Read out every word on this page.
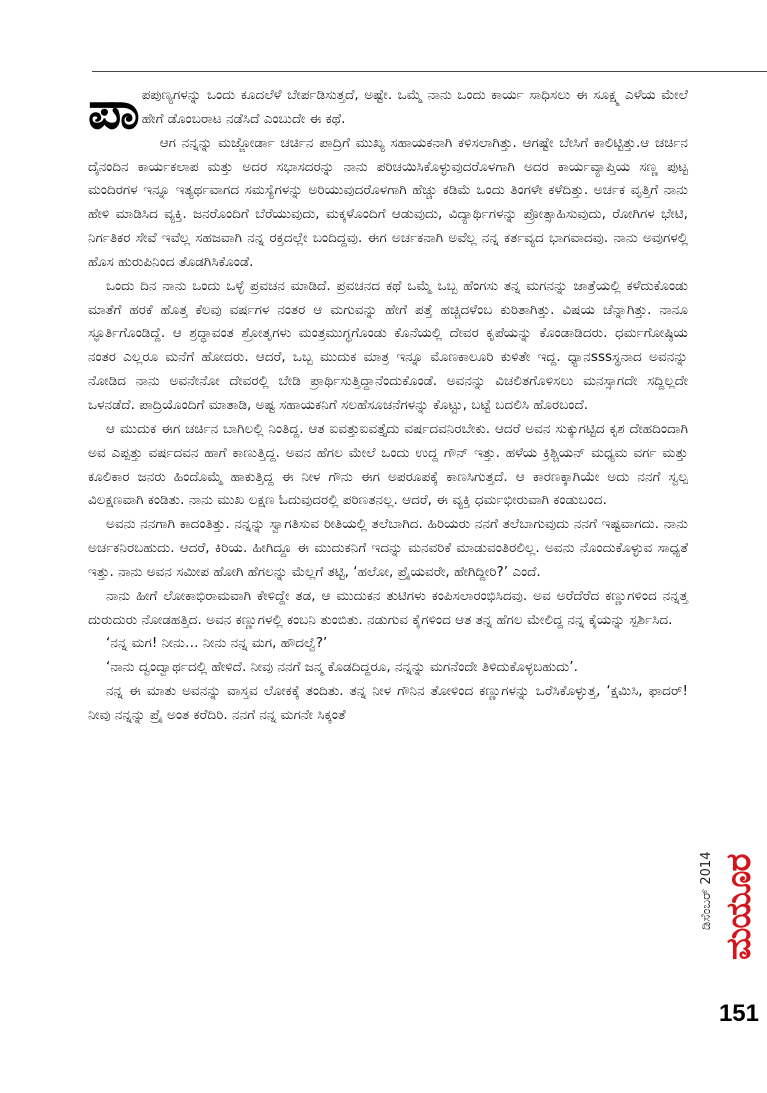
ಪಾಪಪುಣ್ಯಗಳನ್ನು ಒಂದು ಕೂದಲೆಳೆ ಬೇರ್ಪಡಿಸುತ್ತದೆ, ಅಷ್ಟೇ. ಒಮ್ಮೆ ನಾನು ಒಂದು ಕಾರ್ಯ ಸಾಧಿಸಲು ಈ ಸೂಕ್ಷ್ಮ ಎಳೆಯ ಮೇಲೆ ಹೇಗೆ ಡೊಂಬರಾಟ ನಡೆಸಿದೆ ಎಂಬುದೇ ಈ ಕಥೆ.

ಆಗ ನನ್ನನ್ನು ಮಜ್ಜೋರ್ಡಾ ಚರ್ಚಿನ ಪಾದ್ರಿಗೆ ಮುಖ್ಯ ಸಹಾಯಕನಾಗಿ ಕಳಿಸಲಾಗಿತ್ತು. ಆಗಷ್ಟೇ ಬೇಸಿಗೆ ಕಾಲಿಟ್ಟಿತ್ತು.ಆ ಚರ್ಚಿನ ದೈನಂದಿನ ಕಾರ್ಯಕಲಾಪ ಮತ್ತು ಅದರ ಸಭಾಸದರನ್ನು ನಾನು ಪರಿಚಯಿಸಿಕೊಳ್ಳುವುದರೊಳಗಾಗಿ ಅದರ ಕಾರ್ಯವ್ಯಾಪ್ತಿಯ ಸಣ್ಣ ಪುಟ್ಟ ಮಂದಿರಗಳ ಇನ್ನೂ ಇತ್ಯರ್ಥವಾಗದ ಸಮಸ್ಯೆಗಳನ್ನು ಅರಿಯುವುದರೊಳಗಾಗಿ ಹೆಚ್ಚು ಕಡಿಮೆ ಒಂದು ತಿಂಗಳೇ ಕಳೆದಿತ್ತು. ಅರ್ಚಕ ವೃತ್ತಿಗೆ ನಾನು ಹೇಳಿ ಮಾಡಿಸಿದ ವ್ಯಕ್ತಿ. ಜನರೊಂದಿಗೆ ಬೆರೆಯುವುದು, ಮಕ್ಕಳೊಂದಿಗೆ ಆಡುವುದು, ವಿದ್ಯಾರ್ಥಿಗಳನ್ನು ಪ್ರೋತ್ಸಾಹಿಸುವುದು, ರೋಗಿಗಳ ಭೇಟಿ, ನಿರ್ಗತಿಕರ ಸೇವೆ ಇವೆಲ್ಲ ಸಹಜವಾಗಿ ನನ್ನ ರಕ್ತದಲ್ಲೇ ಬಂದಿದ್ದವು. ಈಗ ಅರ್ಚಕನಾಗಿ ಅವೆಲ್ಲ ನನ್ನ ಕರ್ತವ್ಯದ ಭಾಗವಾದವು. ನಾನು ಅವುಗಳಲ್ಲಿ ಹೊಸ ಹುರುಪಿನಿಂದ ತೊಡಗಿಸಿಕೊಂಡೆ.

ಒಂದು ದಿನ ನಾನು ಒಂದು ಒಳ್ಳೆ ಪ್ರವಚನ ಮಾಡಿದೆ. ಪ್ರವಚನದ ಕಥೆ ಒಮ್ಮೆ ಒಬ್ಬ ಹೆಂಗಸು ತನ್ನ ಮಗನನ್ನು ಜಾತ್ರೆಯಲ್ಲಿ ಕಳೆದುಕೊಂಡು ಮಾತೆಗೆ ಹರಕೆ ಹೊತ್ತ ಕೆಲವು ವರ್ಷಗಳ ನಂತರ ಆ ಮಗುವನ್ನು ಹೇಗೆ ಪತ್ತೆ ಹಚ್ಚಿದಳೆಂಬ ಕುರಿತಾಗಿತ್ತು. ವಿಷಯ ಚೆನ್ನಾಗಿತ್ತು. ನಾನೂ ಸ್ಫೂರ್ತಿಗೊಂಡಿದ್ದೆ. ಆ ಶ್ರದ್ಧಾವಂತ ಶ್ರೋತೃಗಳು ಮಂತ್ರಮುಗ್ಧಗೊಂಡು ಕೊನೆಯಲ್ಲಿ ದೇವರ ಕೃಪೆಯನ್ನು ಕೊಂಡಾಡಿದರು. ಧರ್ಮಗೋಷ್ಠಿಯ ನಂತರ ಎಲ್ಲರೂ ಮನೆಗೆ ಹೋದರು. ಆದರೆ, ಒಬ್ಬ ಮುದುಕ ಮಾತ್ರ ಇನ್ನೂ ಮೊಣಕಾಲೂರಿ ಕುಳಿತೇ ಇದ್ದ. ಧ್ಯಾನsssಸ್ಥನಾದ ಅವನನ್ನು ನೋಡಿದ ನಾನು ಅವನೇನೋ ದೇವರಲ್ಲಿ ಬೇಡಿ ಪ್ರಾರ್ಥಿಸುತ್ತಿದ್ದಾನೆಂದುಕೊಂಡೆ. ಅವನನ್ನು ವಿಚಲಿತಗೊಳಿಸಲು ಮನಸ್ಸಾಗದೇ ಸದ್ದಿಲ್ಲದೇ ಒಳನಡೆದೆ. ಪಾದ್ರಿಯೊಂದಿಗೆ ಮಾತಾಡಿ, ಅಷ್ಟ ಸಹಾಯಕನಿಗೆ ಸಲಹೆಸೂಚನೆಗಳನ್ನು ಕೊಟ್ಟು, ಬಟ್ಟೆ ಬದಲಿಸಿ ಹೊರಬಂದೆ.

ಆ ಮುದುಕ ಈಗ ಚರ್ಚಿನ ಬಾಗಿಲಲ್ಲಿ ನಿಂತಿದ್ದ. ಆತ ಐವತ್ತುಐವತ್ತೈದು ವರ್ಷದವನಿರಬೇಕು. ಆದರೆ ಅವನ ಸುಕ್ಕುಗಟ್ಟಿದ ಕೃಶ ದೇಹದಿಂದಾಗಿ ಅವ ಎಪ್ಪತ್ತು ವರ್ಷದವನ ಹಾಗೆ ಕಾಣುತ್ತಿದ್ದ. ಅವನ ಹೆಗಲ ಮೇಲೆ ಒಂದು ಉದ್ದ ಗೌನ್ ಇತ್ತು. ಹಳೆಯ ಕ್ರಿಶ್ಚಿಯನ್ ಮಧ್ಯಮ ವರ್ಗ ಮತ್ತು ಕೂಲಿಕಾರ ಜನರು ಹಿಂದೊಮ್ಮೆ ಹಾಕುತ್ತಿದ್ದ ಈ ನೀಳ ಗೌನು ಈಗ ಅಪರೂಪಕ್ಕೆ ಕಾಣಸಿಗುತ್ತದೆ. ಆ ಕಾರಣಕ್ಕಾಗಿಯೇ ಅದು ನನಗೆ ಸ್ವಲ್ಪ ವಿಲಕ್ಷಣವಾಗಿ ಕಂಡಿತು. ನಾನು ಮುಖ ಲಕ್ಷಣ ಓದುವುದರಲ್ಲಿ ಪರಿಣತನಲ್ಲ. ಆದರೆ, ಈ ವ್ಯಕ್ತಿ ಧರ್ಮಭೀರುವಾಗಿ ಕಂಡುಬಂದ.

ಅವನು ನನಗಾಗಿ ಕಾದಂತಿತ್ತು. ನನ್ನನ್ನು ಸ್ವಾಗತಿಸುವ ರೀತಿಯಲ್ಲಿ ತಲೆಬಾಗಿದ. ಹಿರಿಯರು ನನಗೆ ತಲೆಬಾಗುವುದು ನನಗೆ ಇಷ್ಟವಾಗದು. ನಾನು ಅರ್ಚಕನಿರಬಹುದು. ಆದರೆ, ಕಿರಿಯ. ಹೀಗಿದ್ದೂ ಈ ಮುದುಕನಿಗೆ ಇದನ್ನು ಮನವರಿಕೆ ಮಾಡುವಂತಿರಲಿಲ್ಲ. ಅವನು ನೊಂದುಕೊಳ್ಳುವ ಸಾಧ್ಯತೆ ಇತ್ತು. ನಾನು ಅವನ ಸಮೀಪ ಹೋಗಿ ಹೆಗಲನ್ನು ಮೆಲ್ಲಗೆ ತಟ್ಟಿ, ‘ಹಲೋ, ಪ್ರೈಯವರೇ, ಹೇಗಿದ್ದೀರಿ?’ ಎಂದೆ.

ನಾನು ಹೀಗೆ ಲೋಕಾಭಿರಾಮವಾಗಿ ಕೇಳಿದ್ದೇ ತಡ, ಆ ಮುದುಕನ ತುಟಿಗಳು ಕಂಪಿಸಲಾರಂಭಿಸಿದವು. ಅವ ಅರೆದೆರೆದ ಕಣ್ಣುಗಳಿಂದ ನನ್ನತ್ತ ದುರುದುರು ನೋಡಹತ್ತಿದ. ಅವನ ಕಣ್ಣುಗಳಲ್ಲಿ ಕಂಬನಿ ತುಂಬಿತು. ನಡುಗುವ ಕೈಗಳಿಂದ ಆತ ತನ್ನ ಹೆಗಲ ಮೇಲಿದ್ದ ನನ್ನ ಕೈಯನ್ನು ಸ್ಪರ್ಶಿಸಿದ.

‘ನನ್ನ ಮಗ! ನೀನು… ನೀನು ನನ್ನ ಮಗ, ಹೌದಲ್ವೆ?’

‘ನಾನು ದ್ವಂದ್ವಾರ್ಥದಲ್ಲಿ ಹೇಳಿದೆ. ನೀವು ನನಗೆ ಜನ್ಮ ಕೊಡದಿದ್ದರೂ, ನನ್ನನ್ನು ಮಗನೆಂದೇ ತಿಳಿದುಕೊಳ್ಳಬಹುದು’.

ನನ್ನ ಈ ಮಾತು ಅವನನ್ನು ವಾಸ್ತವ ಲೋಕಕ್ಕೆ ತಂದಿತು. ತನ್ನ ನೀಳ ಗೌನಿನ ತೋಳಿಂದ ಕಣ್ಣುಗಳನ್ನು ಒರೆಸಿಕೊಳ್ಳುತ್ತ, ‘ಕ್ಷಮಿಸಿ, ಫಾದರ್! ನೀವು ನನ್ನನ್ನು ಪ್ರೈ ಅಂತ ಕರೆದಿರಿ. ನನಗೆ ನನ್ನ ಮಗನೇ ಸಿಕ್ಕಂತೆ

ಡಿಸೆಂಬರ್ 2014 ಮಯೂರ
151
